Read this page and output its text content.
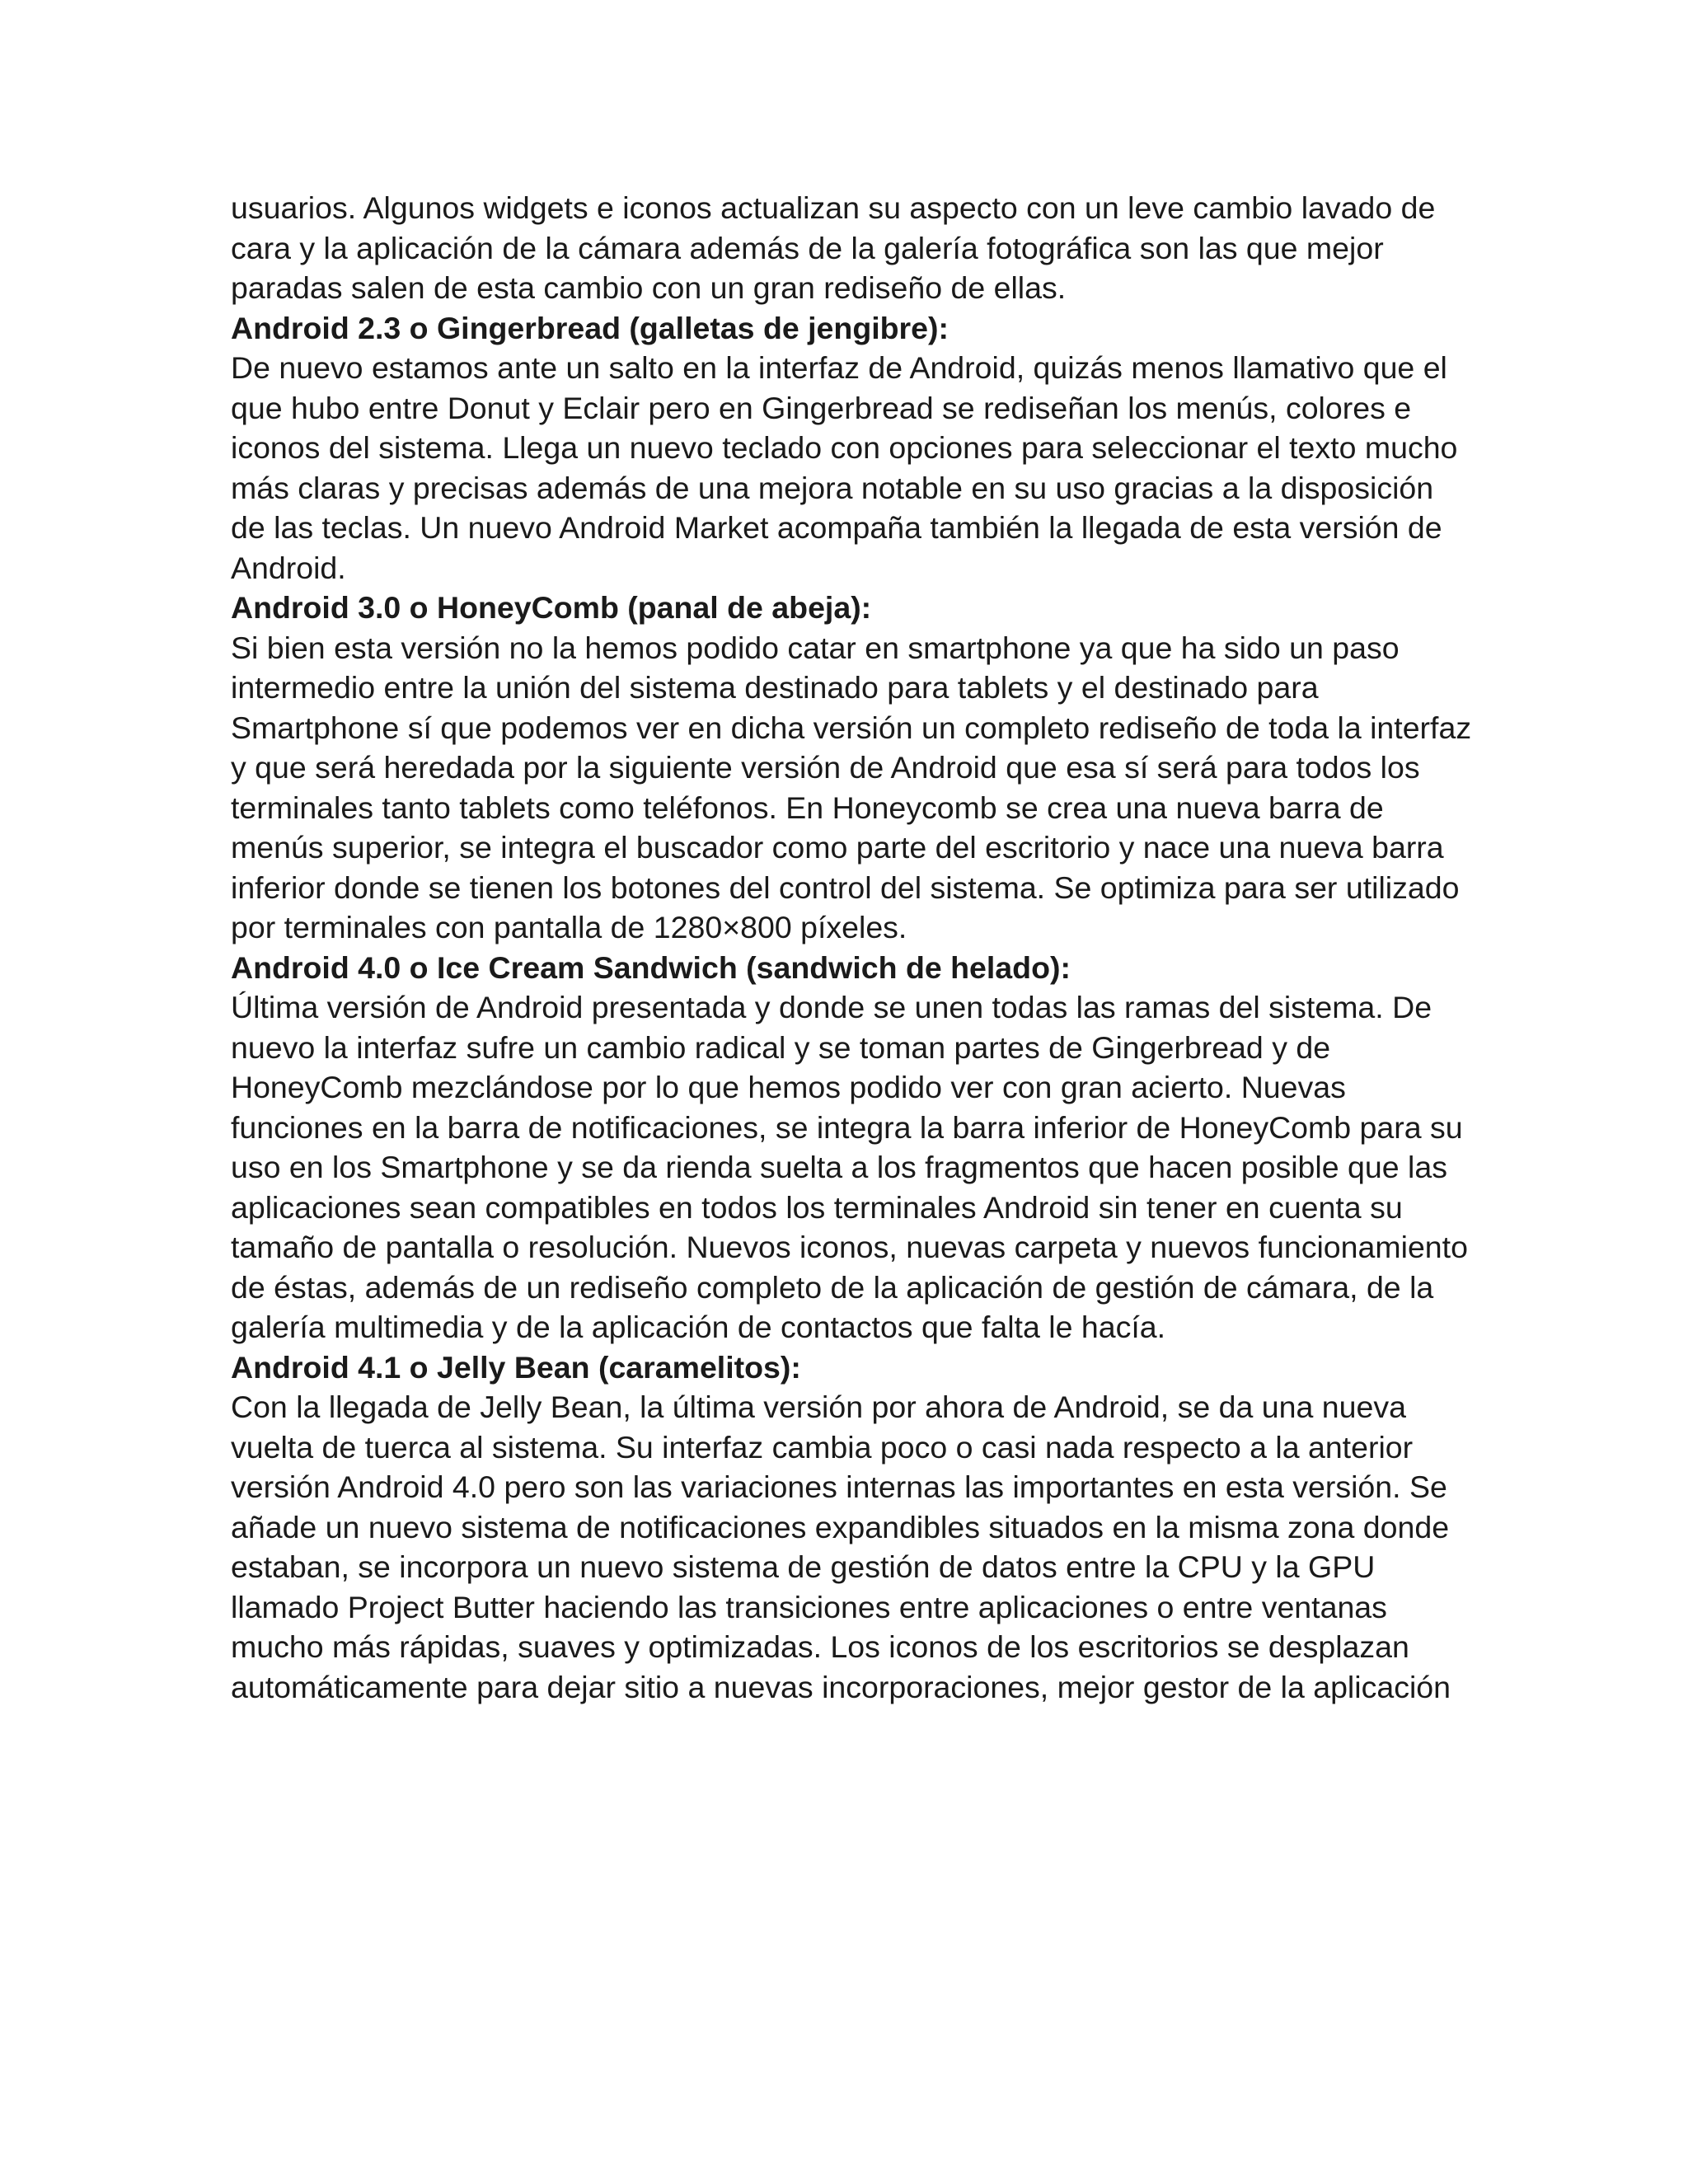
usuarios. Algunos widgets e iconos actualizan su aspecto con un leve cambio lavado de
cara y la aplicación de la cámara además de la galería fotográfica son las que mejor
paradas salen de esta cambio con un gran rediseño de ellas.

Android 2.3 o Gingerbread (galletas de jengibre):

De nuevo estamos ante un salto en la interfaz de Android, quizás menos llamativo que el
que hubo entre Donut y Eclair pero en Gingerbread se rediseñan los menús, colores e
iconos del sistema. Llega un nuevo teclado con opciones para seleccionar el texto mucho
más claras y precisas además de una mejora notable en su uso gracias a la disposición
de las teclas. Un nuevo Android Market acompaña también la llegada de esta versión de
Android.

Android 3.0 o HoneyComb (panal de abeja):

Si bien esta versión no la hemos podido catar en smartphone ya que ha sido un paso
intermedio entre la unión del sistema destinado para tablets y el destinado para
Smartphone sí que podemos ver en dicha versión un completo rediseño de toda la interfaz
y que será heredada por la siguiente versión de Android que esa sí será para todos los
terminales tanto tablets como teléfonos. En Honeycomb se crea una nueva barra de
menús superior, se integra el buscador como parte del escritorio y nace una nueva barra
inferior donde se tienen los botones del control del sistema. Se optimiza para ser utilizado
por terminales con pantalla de 1280×800 píxeles.

Android 4.0 o Ice Cream Sandwich (sandwich de helado):

Última versión de Android presentada y donde se unen todas las ramas del sistema. De
nuevo la interfaz sufre un cambio radical y se toman partes de Gingerbread y de
HoneyComb mezclándose por lo que hemos podido ver con gran acierto. Nuevas
funciones en la barra de notificaciones, se integra la barra inferior de HoneyComb para su
uso en los Smartphone y se da rienda suelta a los fragmentos que hacen posible que las
aplicaciones sean compatibles en todos los terminales Android sin tener en cuenta su
tamaño de pantalla o resolución. Nuevos iconos, nuevas carpeta y nuevos funcionamiento
de éstas, además de un rediseño completo de la aplicación de gestión de cámara, de la
galería multimedia y de la aplicación de contactos que falta le hacía.

Android 4.1 o Jelly Bean (caramelitos):

Con la llegada de Jelly Bean, la última versión por ahora de Android, se da una nueva
vuelta de tuerca al sistema. Su interfaz cambia poco o casi nada respecto a la anterior
versión Android 4.0 pero son las variaciones internas las importantes en esta versión. Se
añade un nuevo sistema de notificaciones expandibles situados en la misma zona donde
estaban, se incorpora un nuevo sistema de gestión de datos entre la CPU y la GPU
llamado Project Butter haciendo las transiciones entre aplicaciones o entre ventanas
mucho más rápidas, suaves y optimizadas. Los iconos de los escritorios se desplazan
automáticamente para dejar sitio a nuevas incorporaciones, mejor gestor de la aplicación
